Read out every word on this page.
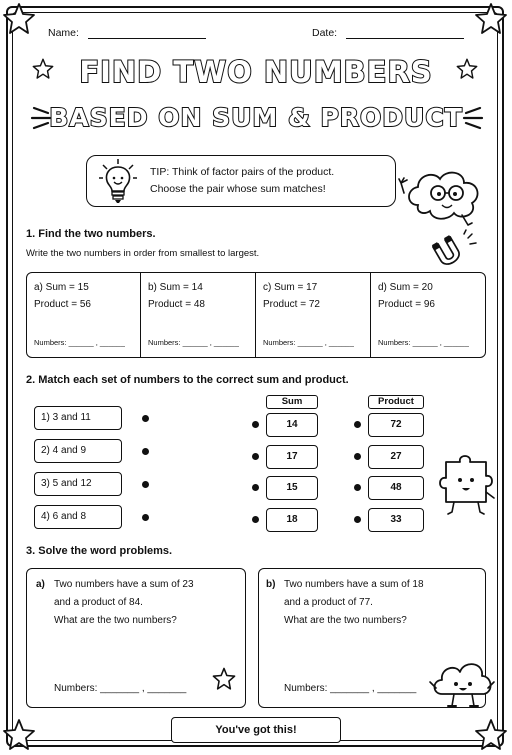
Name:	Date:
FIND TWO NUMBERS
BASED ON SUM & PRODUCT
TIP: Think of factor pairs of the product.
Choose the pair whose sum matches!
1. Find the two numbers.
Write the two numbers in order from smallest to largest.
a) Sum = 15
Product = 56
Numbers: ______ , ______
b) Sum = 14
Product = 48
Numbers: ______ , ______
c) Sum = 17
Product = 72
Numbers: ______ , ______
d) Sum = 20
Product = 96
Numbers: ______ , ______
2. Match each set of numbers to the correct sum and product.
Sum	Product
1) 3 and 11
2) 4 and 9
3) 5 and 12
4) 6 and 8
14
17
15
18
72
27
48
33
3. Solve the word problems.
a) Two numbers have a sum of 23
and a product of 84.
What are the two numbers?
Numbers: _______ , _______
b) Two numbers have a sum of 18
and a product of 77.
What are the two numbers?
Numbers: _______ , _______
You've got this!
